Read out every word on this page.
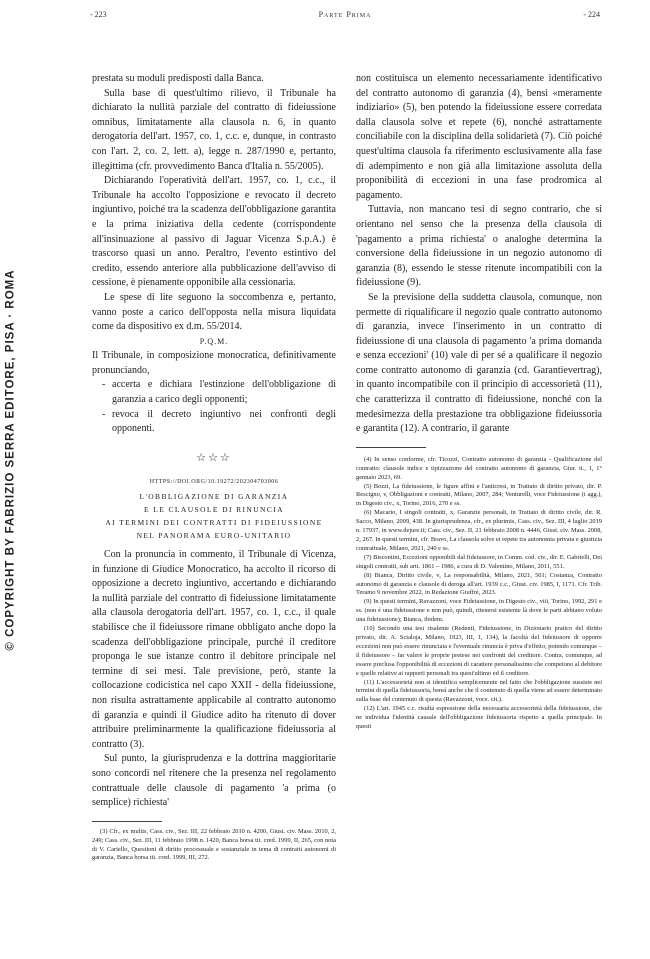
© COPYRIGHT BY FABRIZIO SERRA EDITORE, PISA · ROMA
- 223	Parte Prima	- 224

prestata su moduli predisposti dalla Banca.

Sulla base di quest'ultimo rilievo, il Tribunale ha dichiarato la nullità parziale del contratto di fideiussione omnibus, limitatamente alla clausola n. 6, in quanto derogatoria dell'art. 1957, co. 1, c.c. e, dunque, in contrasto con l'art. 2, co. 2, lett. a), legge n. 287/1990 e, pertanto, illegittima (cfr. provvedimento Banca d'Italia n. 55/2005).

Dichiarando l'operatività dell'art. 1957, co. 1, c.c., il Tribunale ha accolto l'opposizione e revocato il decreto ingiuntivo, poiché tra la scadenza dell'obbligazione garantita e la prima iniziativa della cedente (corrispondente all'insinuazione al passivo di Jaguar Vicenza S.p.A.) è trascorso quasi un anno. Peraltro, l'evento estintivo del credito, essendo anteriore alla pubblicazione dell'avviso di cessione, è pienamente opponibile alla cessionaria.

Le spese di lite seguono la soccombenza e, pertanto, vanno poste a carico dell'opposta nella misura liquidata come da dispositivo ex d.m. 55/2014.

P.Q.M.

Il Tribunale, in composizione monocratica, definitivamente pronunciando,

- accerta e dichiara l'estinzione dell'obbligazione di garanzia a carico degli opponenti;
- revoca il decreto ingiuntivo nei confronti degli opponenti.
☆☆☆

HTTPS://DOI.ORG/10.19272/202304703006

L'OBBLIGAZIONE DI GARANZIA
E LE CLAUSOLE DI RINUNCIA
AI TERMINI DEI CONTRATTI DI FIDEIUSSIONE
NEL PANORAMA EURO-UNITARIO

Con la pronuncia in commento, il Tribunale di Vicenza, in funzione di Giudice Monocratico, ha accolto il ricorso di opposizione a decreto ingiuntivo, accertando e dichiarando la nullità parziale del contratto di fideiussione limitatamente alla clausola derogatoria dell'art. 1957, co. 1, c.c., il quale stabilisce che il fideiussore rimane obbligato anche dopo la scadenza dell'obbligazione principale, purché il creditore proponga le sue istanze contro il debitore principale nel termine di sei mesi. Tale previsione, però, stante la collocazione codicistica nel capo XXII - della fideiussione, non risulta astrattamente applicabile al contratto autonomo di garanzia e quindi il Giudice adito ha ritenuto di dover attribuire preliminarmente la qualificazione fideiussoria al contratto (3).

Sul punto, la giurisprudenza e la dottrina maggioritarie sono concordi nel ritenere che la presenza nel regolamento contrattuale delle clausole di pagamento 'a prima (o semplice) richiesta'

(3) Cfr., ex multis, Cass. civ., Sez. III, 22 febbraio 2010 n. 4200, Giust. civ. Mass. 2010, 2, 249; Cass. civ., Sez. III, 11 febbraio 1998 n. 1420, Banca borsa tit. cred. 1999, II, 265, con nota di V. Cariello, Questioni di diritto processuale e sostanziale in tema di contratti autonomi di garanzia, Banca borsa tit. cred. 1999, III, 272.

non costituisca un elemento necessariamente identificativo del contratto autonomo di garanzia (4), bensì «meramente indiziario» (5), ben potendo la fideiussione essere corredata dalla clausola solve et repete (6), nonché astrattamente conciliabile con la disciplina della solidarietà (7). Ciò poiché quest'ultima clausola fa riferimento esclusivamente alla fase di adempimento e non già alla limitazione assoluta della proponibilità di eccezioni in una fase prodromica al pagamento.

Tuttavia, non mancano tesi di segno contrario, che si orientano nel senso che la presenza della clausola di 'pagamento a prima richiesta' o analoghe determina la conversione della fideiussione in un negozio autonomo di garanzia (8), essendo le stesse ritenute incompatibili con la fideiussione (9).

Se la previsione della suddetta clausola, comunque, non permette di riqualificare il negozio quale contratto autonomo di garanzia, invece l'inserimento in un contratto di fideiussione di una clausola di pagamento 'a prima domanda e senza eccezioni' (10) vale di per sé a qualificare il negozio come contratto autonomo di garanzia (cd. Garantievertrag), in quanto incompatibile con il principio di accessorietà (11), che caratterizza il contratto di fideiussione, nonché con la medesimezza della prestazione tra obbligazione fideiussoria e garantita (12). A contrario, il garante

(4) In senso conforme, cfr. Ticozzi, Contratto autonomo di garanzia - Qualificazione del contratto: clausole indice e tipizzazione del contratto autonomo di garanzia, Giur. it., 1, 1° gennaio 2023, 69.

(5) Bozzi, La fideiussione, le figure affini e l'anticresi, in Trattato di diritto privato, dir. P. Rescigno, v, Obbligazioni e contratti, Milano, 2007, 284; Venturelli, voce Fideiussione (i agg.), in Digesto civ., x, Torino, 2016, 270 e ss.

(6) Macario, I singoli contratti, x, Garanzie personali, in Trattato di diritto civile, dir. R. Sacco, Milano, 2009, 438. In giurisprudenza, cfr., ex plurimis, Cass. civ., Sez. III, 4 luglio 2019 n. 17937, in www.dejure.it; Cass. civ., Sez. II, 21 febbraio 2008 n. 4446, Giust. civ. Mass. 2008, 2, 267. In questi termini, cfr. Bravo, La clausola solve et repete tra autonomia privata e giustizia contrattuale, Milano, 2021, 240 e ss.

(7) Biscontini, Eccezioni opponibili dal fideiussore, in Comm. cod. civ., dir. E. Gabrielli, Dei singoli contratti, sub artt. 1861 – 1986, a cura di D. Valentino, Milano, 2011, 551.

(8) Bianca, Diritto civile, v, La responsabilità, Milano, 2021, 501; Costanza, Contratto autonomo di garanzia e clausole di deroga all'art. 1939 c.c., Giust. civ. 1985, I, 1171. Cfr. Trib. Teramo 9 novembre 2022, in Redazione Giuffrè, 2023.

(9) In questi termini, Ravazzoni, voce Fideiussione, in Digesto civ., viii, Torino, 1992, 291 e ss. (non è una fideiussione e non può, quindi, ritenersi esistente là dove le parti abbiano voluto una fideiussione); Bianca, ibidem.

(10) Secondo una tesi risalente (Redenti, Fideiussione, in Dizionario pratico del diritto privato, dir. A. Scialoja, Milano, 1923, III, 1, 134), la facoltà del fideiussore di opporre eccezioni non può essere rinunciata e l'eventuale rinuncia è priva d'effetto, potendo comunque – il fideiussore – far valere le proprie pretese nei confronti del creditore. Contra, comunque, ad essere preclusa l'opponibilità di eccezioni di carattere personalissimo che competono al debitore e quelle relative ai rapporti personali tra quest'ultimo ed il creditore.

(11) L'accessorietà non si identifica semplicemente nel fatto che l'obbligazione sussiste nei termini di quella fideiussoria, bensì anche che il contenuto di quella viene ad essere determinato sulla base del contenuto di questa (Ravazzoni, voce. cit.).

(12) L'art. 1945 c.c. risulta espressione della necessaria accessorietà della fideiussione, che ne individua l'identità causale dell'obbligazione fideiussoria rispetto a quella principale. In questi
